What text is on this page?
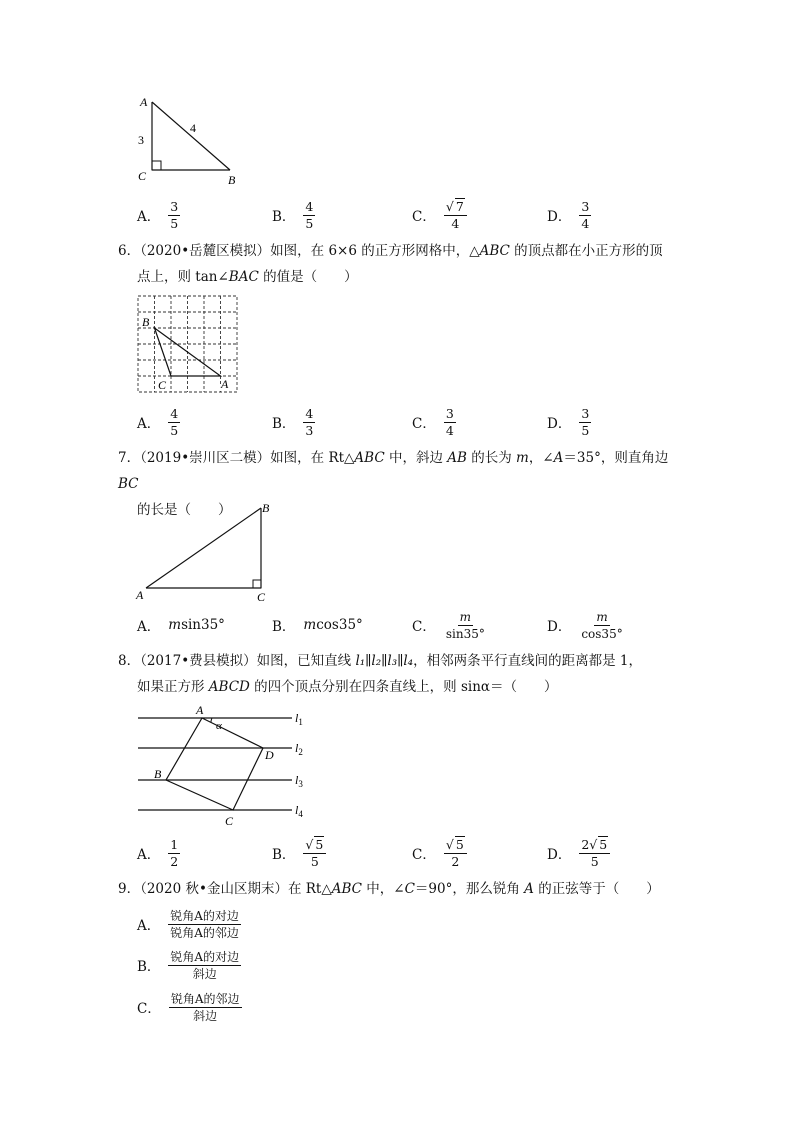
A
B
C
3
4
A． $\frac{3}{5}$	B． $\frac{4}{5}$	C． $\frac{√ 7}{4}$	D． $\frac{3}{4}$
6．（2020•岳麓区模拟）如图，在 6×6 的正方形网格中，△ABC 的顶点都在小正方形的顶
点上，则 tan∠BAC 的值是（　　）
B
C	A
A． $\frac{4}{5}$	B． $\frac{4}{3}$	C． $\frac{3}{4}$	D． $\frac{3}{5}$
7．（2019•崇川区二模）如图，在 Rt△ABC 中，斜边 AB 的长为 m，∠A＝35°，则直角边 BC
的长是（　　）
A
B
C
A． m sin35°	B． m cos35°	C． $\frac{m}{\sin 35^\circ}$	D． $\frac{m}{\cos 35^\circ}$
8．（2017•费县模拟）如图，已知直线 l₁∥l₂∥l₃∥l₄，相邻两条平行直线间的距离都是 1，
如果正方形 ABCD 的四个顶点分别在四条直线上，则 sinα＝（　　）
A
α
D
B
C
$l_1$
$l_2$
$l_3$
$l_4$
A． $\frac{1}{2}$	B． $\frac{√ 5}{5}$	C． $\frac{√ 5}{2}$	D． $\frac{2√ 5}{5}$
9．（2020 秋•金山区期末）在 Rt△ABC 中，∠C＝90°，那么锐角 A 的正弦等于（　　）
A． $\frac{\text{锐角A的对边}}{\text{锐角A的邻边}}$
B． $\frac{\text{锐角A的对边}}{\text{斜边}}$
C． $\frac{\text{锐角A的邻边}}{\text{斜边}}$
